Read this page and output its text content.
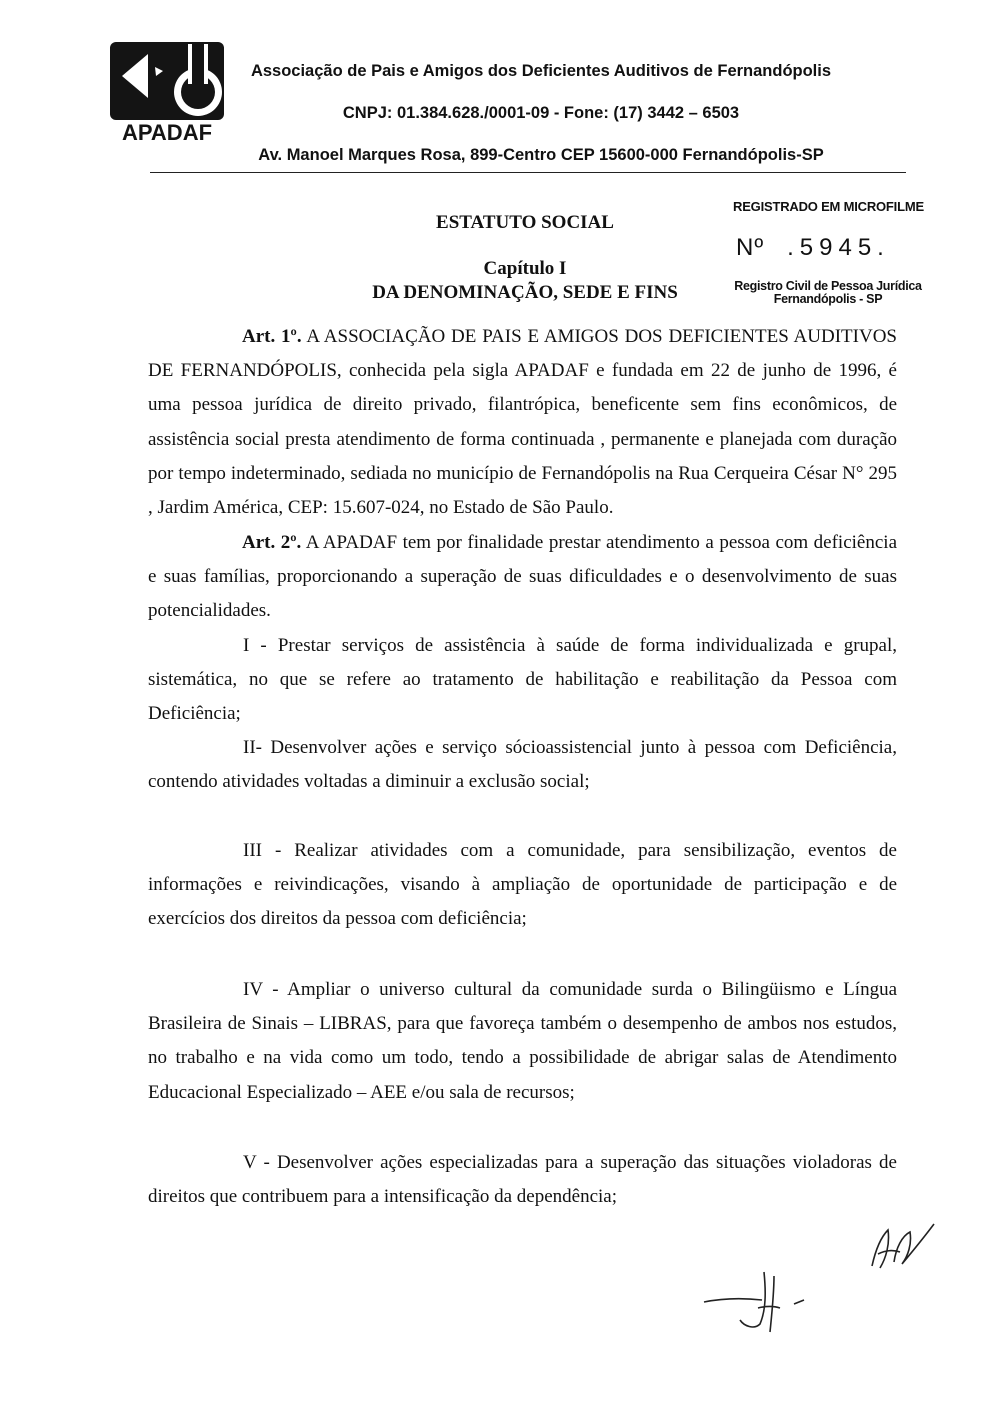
APADAF
Associação de Pais e Amigos dos Deficientes Auditivos de Fernandópolis
CNPJ: 01.384.628./0001-09 - Fone: (17) 3442 – 6503
Av. Manoel Marques Rosa, 899-Centro CEP 15600-000 Fernandópolis-SP
REGISTRADO EM MICROFILME
Nº .5945.
Registro Civil de Pessoa Jurídica
Fernandópolis - SP
ESTATUTO SOCIAL
Capítulo I
DA DENOMINAÇÃO, SEDE E FINS

Art. 1º. A ASSOCIAÇÃO DE PAIS E AMIGOS DOS DEFICIENTES AUDITIVOS DE FERNANDÓPOLIS, conhecida pela sigla APADAF e fundada em 22 de junho de 1996, é uma pessoa jurídica de direito privado, filantrópica, beneficente sem fins econômicos, de assistência social presta atendimento de forma continuada , permanente e planejada com duração por tempo indeterminado, sediada no município de Fernandópolis na Rua Cerqueira César N° 295 , Jardim América, CEP: 15.607-024, no Estado de São Paulo.

Art. 2º. A APADAF tem por finalidade prestar atendimento a pessoa com deficiência e suas famílias, proporcionando a superação de suas dificuldades e o desenvolvimento de suas potencialidades.

I - Prestar serviços de assistência à saúde de forma individualizada e grupal, sistemática, no que se refere ao tratamento de habilitação e reabilitação da Pessoa com Deficiência;

II- Desenvolver ações e serviço sócioassistencial junto à pessoa com Deficiência, contendo atividades voltadas a diminuir a exclusão social;

III - Realizar atividades com a comunidade, para sensibilização, eventos de informações e reivindicações, visando à ampliação de oportunidade de participação e de exercícios dos direitos da pessoa com deficiência;

IV - Ampliar o universo cultural da comunidade surda o Bilingüismo e Língua Brasileira de Sinais – LIBRAS, para que favoreça também o desempenho de ambos nos estudos, no trabalho e na vida como um todo, tendo a possibilidade de abrigar salas de Atendimento Educacional Especializado – AEE e/ou sala de recursos;

V - Desenvolver ações especializadas para a superação das situações violadoras de direitos que contribuem para a intensificação da dependência;
